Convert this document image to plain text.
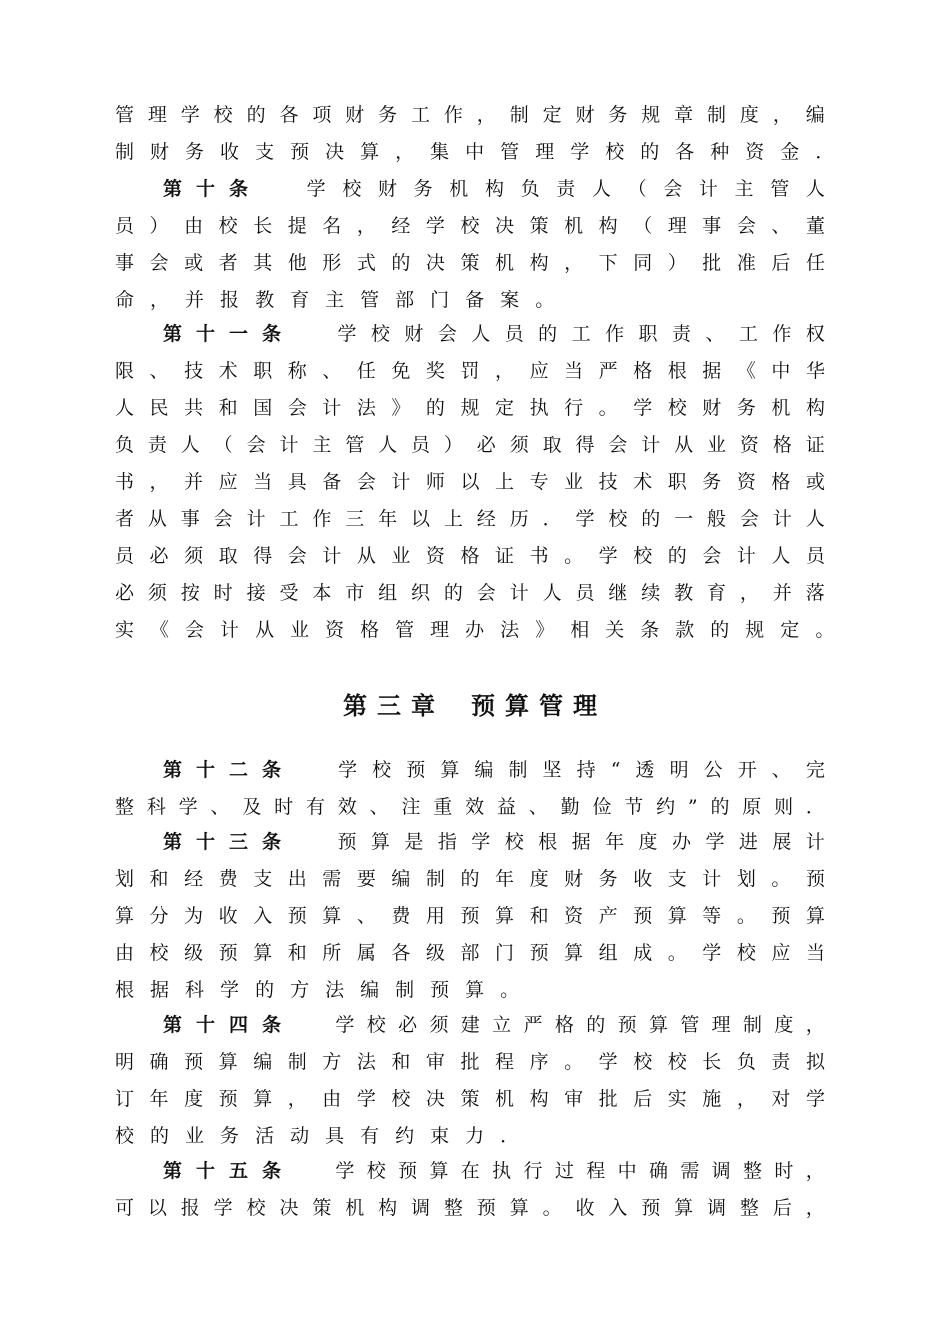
管 理 学 校 的 各 项 财 务 工 作 ， 制 定 财 务 规 章 制 度 ， 编
制 财 务 收 支 预 决 算 ， 集 中 管 理 学 校 的 各 种 资 金 ．
第十条 学 校 财 务 机 构 负 责 人 （ 会 计 主 管 人
员 ） 由 校 长 提 名 ， 经 学 校 决 策 机 构 （ 理 事 会 、 董
事 会 或 者 其 他 形 式 的 决 策 机 构 ， 下 同 ） 批 准 后 任
命 ， 并 报 教 育 主 管 部 门 备 案 。
第十一条 学 校 财 会 人 员 的 工 作 职 责 、 工 作 权
限 、 技 术 职 称 、 任 免 奖 罚 ， 应 当 严 格 根 据 《 中 华
人 民 共 和 国 会 计 法 》 的 规 定 执 行 。 学 校 财 务 机 构
负 责 人 （ 会 计 主 管 人 员 ） 必 须 取 得 会 计 从 业 资 格 证
书 ， 并 应 当 具 备 会 计 师 以 上 专 业 技 术 职 务 资 格 或
者 从 事 会 计 工 作 三 年 以 上 经 历 ． 学 校 的 一 般 会 计 人
员 必 须 取 得 会 计 从 业 资 格 证 书 。 学 校 的 会 计 人 员
必 须 按 时 接 受 本 市 组 织 的 会 计 人 员 继 续 教 育 ， 并 落
实 《 会 计 从 业 资 格 管 理 办 法 》 相 关 条 款 的 规 定 。
第十二条 学 校 预 算 编 制 坚 持 “ 透 明 公 开 、 完
整 科 学 、 及 时 有 效 、 注 重 效 益 、 勤 俭 节 约 ” 的 原 则 ．
第十三条 预 算 是 指 学 校 根 据 年 度 办 学 进 展 计
划 和 经 费 支 出 需 要 编 制 的 年 度 财 务 收 支 计 划 。 预
算 分 为 收 入 预 算 、 费 用 预 算 和 资 产 预 算 等 。 预 算
由 校 级 预 算 和 所 属 各 级 部 门 预 算 组 成 。 学 校 应 当
根 据 科 学 的 方 法 编 制 预 算 。
第十四条 学 校 必 须 建 立 严 格 的 预 算 管 理 制 度 ，
明 确 预 算 编 制 方 法 和 审 批 程 序 。 学 校 校 长 负 责 拟
订 年 度 预 算 ， 由 学 校 决 策 机 构 审 批 后 实 施 ， 对 学
校 的 业 务 活 动 具 有 约 束 力 ．
第十五条 学 校 预 算 在 执 行 过 程 中 确 需 调 整 时 ，
可 以 报 学 校 决 策 机 构 调 整 预 算 。 收 入 预 算 调 整 后 ，
第三章 预算管理
